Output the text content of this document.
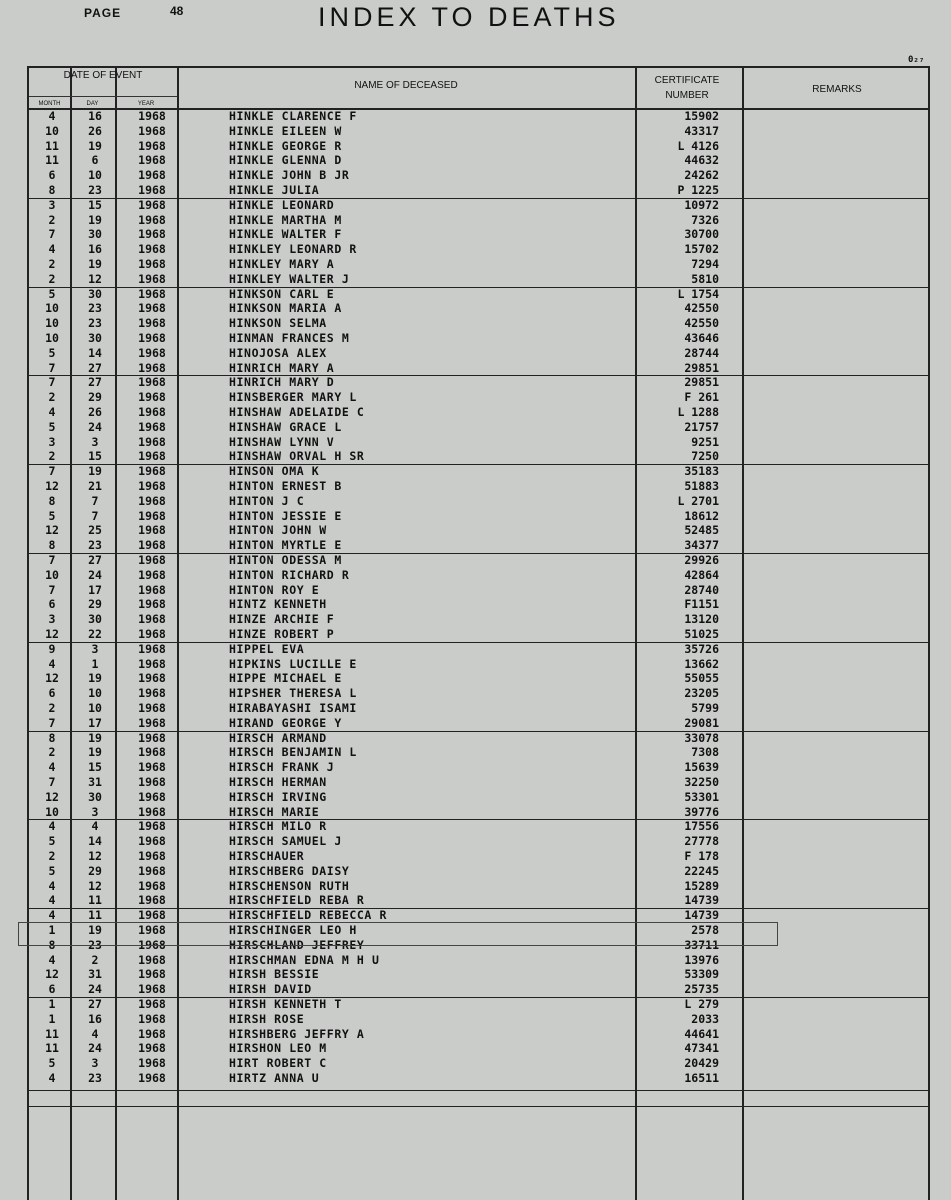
PAGE	48	INDEX TO DEATHS
0₂₇
DATE OF EVENT
MONTH	DAY	YEAR
NAME OF DECEASED	CERTIFICATE NUMBER
REMARKS
4	16	1968	HINKLE CLARENCE F	15902
10	26	1968	HINKLE EILEEN W	43317
11	19	1968	HINKLE GEORGE R	L 4126
11	6	1968	HINKLE GLENNA D	44632
6	10	1968	HINKLE JOHN B JR	24262
8	23	1968	HINKLE JULIA	P 1225
3	15	1968	HINKLE LEONARD	10972
2	19	1968	HINKLE MARTHA M	7326
7	30	1968	HINKLE WALTER F	30700
4	16	1968	HINKLEY LEONARD R	15702
2	19	1968	HINKLEY MARY A	7294
2	12	1968	HINKLEY WALTER J	5810
5	30	1968	HINKSON CARL E	L 1754
10	23	1968	HINKSON MARIA A	42550
10	23	1968	HINKSON SELMA	42550
10	30	1968	HINMAN FRANCES M	43646
5	14	1968	HINOJOSA ALEX	28744
7	27	1968	HINRICH MARY A	29851
7	27	1968	HINRICH MARY D	29851
2	29	1968	HINSBERGER MARY L	F 261
4	26	1968	HINSHAW ADELAIDE C	L 1288
5	24	1968	HINSHAW GRACE L	21757
3	3	1968	HINSHAW LYNN V	9251
2	15	1968	HINSHAW ORVAL H SR	7250
7	19	1968	HINSON OMA K	35183
12	21	1968	HINTON ERNEST B	51883
8	7	1968	HINTON J C	L 2701
5	7	1968	HINTON JESSIE E	18612
12	25	1968	HINTON JOHN W	52485
8	23	1968	HINTON MYRTLE E	34377
7	27	1968	HINTON ODESSA M	29926
10	24	1968	HINTON RICHARD R	42864
7	17	1968	HINTON ROY E	28740
6	29	1968	HINTZ KENNETH	F1151
3	30	1968	HINZE ARCHIE F	13120
12	22	1968	HINZE ROBERT P	51025
9	3	1968	HIPPEL EVA	35726
4	1	1968	HIPKINS LUCILLE E	13662
12	19	1968	HIPPE MICHAEL E	55055
6	10	1968	HIPSHER THERESA L	23205
2	10	1968	HIRABAYASHI ISAMI	5799
7	17	1968	HIRAND GEORGE Y	29081
8	19	1968	HIRSCH ARMAND	33078
2	19	1968	HIRSCH BENJAMIN L	7308
4	15	1968	HIRSCH FRANK J	15639
7	31	1968	HIRSCH HERMAN	32250
12	30	1968	HIRSCH IRVING	53301
10	3	1968	HIRSCH MARIE	39776
4	4	1968	HIRSCH MILO R	17556
5	14	1968	HIRSCH SAMUEL J	27778
2	12	1968	HIRSCHAUER	F 178
5	29	1968	HIRSCHBERG DAISY	22245
4	12	1968	HIRSCHENSON RUTH	15289
4	11	1968	HIRSCHFIELD REBA R	14739
4	11	1968	HIRSCHFIELD REBECCA R	14739
1	19	1968	HIRSCHINGER LEO H	2578
8	23	1968	HIRSCHLAND JEFFREY	33711
4	2	1968	HIRSCHMAN EDNA M H U	13976
12	31	1968	HIRSH BESSIE	53309
6	24	1968	HIRSH DAVID	25735
1	27	1968	HIRSH KENNETH T	L 279
1	16	1968	HIRSH ROSE	2033
11	4	1968	HIRSHBERG JEFFRY A	44641
11	24	1968	HIRSHON LEO M	47341
5	3	1968	HIRT ROBERT C	20429
4	23	1968	HIRTZ ANNA U	16511
